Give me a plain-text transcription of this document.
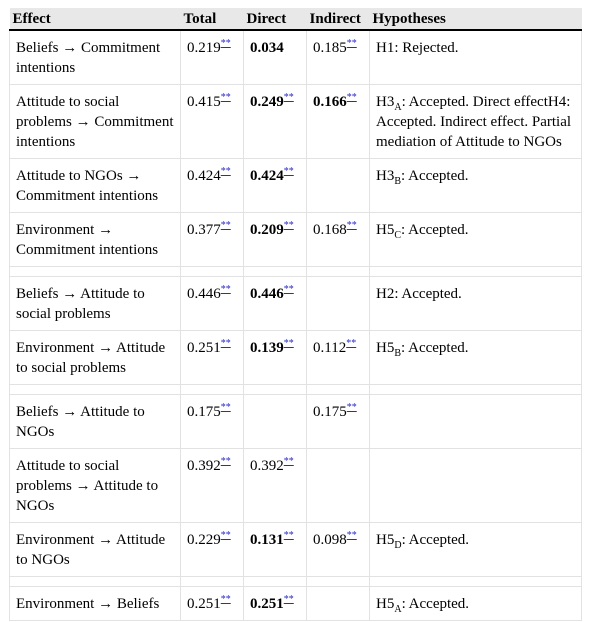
Effect	Total	Direct	Indirect	Hypotheses
Beliefs → Commitment intentions	0.219**	0.034	0.185**	H1: Rejected.
Attitude to social problems → Commitment intentions	0.415**	0.249**	0.166**	$H3_A$: Accepted. Direct effectH4: Accepted. Indirect effect. Partial mediation of Attitude to NGOs
Attitude to NGOs → Commitment intentions	0.424**	0.424**		$H3_B$: Accepted.
Environment → Commitment intentions	0.377**	0.209**	0.168**	$H5_C$: Accepted.

Beliefs → Attitude to social problems	0.446**	0.446**		H2: Accepted.
Environment → Attitude to social problems	0.251**	0.139**	0.112**	$H5_B$: Accepted.

Beliefs → Attitude to NGOs	0.175**		0.175**	
Attitude to social problems → Attitude to NGOs	0.392**	0.392**		
Environment → Attitude to NGOs	0.229**	0.131**	0.098**	$H5_D$: Accepted.

Environment → Beliefs	0.251**	0.251**		$H5_A$: Accepted.
